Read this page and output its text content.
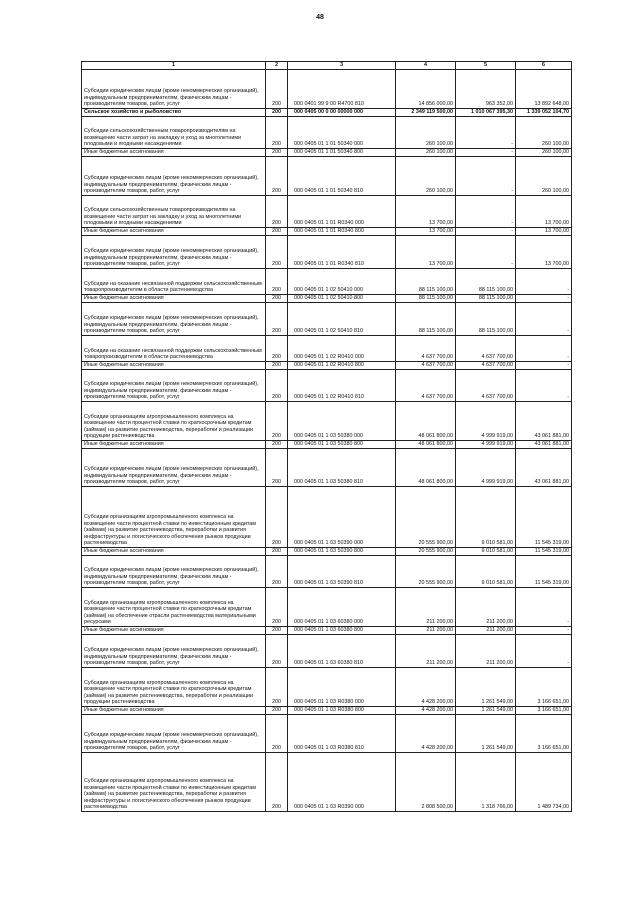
48
1	2	3	4	5	6
Субсидии юридическим лицам (кроме некоммерческих организаций), индивидуальным предпринимателям, физическим лицам - производителям товаров, работ, услуг	200	000 0401 99 9 00 R4700 810	14 856 000,00	963 352,00	13 892 648,00
Сельское хозяйство и рыболовство	200	000 0405 00 0 00 00000 000	2 349 119 500,00	1 010 067 395,30	1 339 052 104,70
Субсидии сельскохозяйственным товаропроизводителям на возмещение части затрат на закладку и уход за многолетними плодовыми и ягодными насаждениями	200	000 0405 01 1 01 50340 000	260 100,00	-	260 100,00
Иные бюджетные ассигнования	200	000 0405 01 1 01 50340 800	260 100,00	-	260 100,00
Субсидии юридическим лицам (кроме некоммерческих организаций), индивидуальным предпринимателям, физическим лицам - производителям товаров, работ, услуг	200	000 0405 01 1 01 50340 810	260 100,00	-	260 100,00
Субсидии сельскохозяйственным товаропроизводителям на возмещение части затрат на закладку и уход за многолетними плодовыми и ягодными насаждениями	200	000 0405 01 1 01 R0340 000	13 700,00	-	13 700,00
Иные бюджетные ассигнования	200	000 0405 01 1 01 R0340 800	13 700,00	-	13 700,00
Субсидии юридическим лицам (кроме некоммерческих организаций), индивидуальным предпринимателям, физическим лицам - производителям товаров, работ, услуг	200	000 0405 01 1 01 R0340 810	13 700,00	-	13 700,00
Субсидии на оказание несвязанной поддержки сельскохозяйственным товаропроизводителям в области растениеводства	200	000 0405 01 1 02 50410 000	88 115 100,00	88 115 100,00	-
Иные бюджетные ассигнования	200	000 0405 01 1 02 50410 800	88 115 100,00	88 115 100,00	-
Субсидии юридическим лицам (кроме некоммерческих организаций), индивидуальным предпринимателям, физическим лицам - производителям товаров, работ, услуг	200	000 0405 01 1 02 50410 810	88 115 100,00	88 115 100,00	-
Субсидии на оказание несвязанной поддержки сельскохозяйственным товаропроизводителям в области растениеводства	200	000 0405 01 1 02 R0410 000	4 637 700,00	4 637 700,00	-
Иные бюджетные ассигнования	200	000 0405 01 1 02 R0410 800	4 637 700,00	4 637 700,00	-
Субсидии юридическим лицам (кроме некоммерческих организаций), индивидуальным предпринимателям, физическим лицам - производителям товаров, работ, услуг	200	000 0405 01 1 02 R0410 810	4 637 700,00	4 637 700,00	-
Субсидии организациям агропромышленного комплекса на возмещение части процентной ставки по краткосрочным кредитам (займам) на развитие растениеводства, переработки и реализации продукции растениеводства	200	000 0405 01 1 03 50380 000	48 061 800,00	4 999 919,00	43 061 881,00
Иные бюджетные ассигнования	200	000 0405 01 1 03 50380 800	48 061 800,00	4 999 919,00	43 061 881,00
Субсидии юридическим лицам (кроме некоммерческих организаций), индивидуальным предпринимателям, физическим лицам - производителям товаров, работ, услуг	200	000 0405 01 1 03 50380 810	48 061 800,00	4 999 919,00	43 061 881,00
Субсидии организациям агропромышленного комплекса на возмещение части процентной ставки по инвестиционным кредитам (займам) на развитие растениеводства, переработки и развития инфраструктуры и логистического обеспечения рынков продукции растениеводства	200	000 0405 01 1 03 50390 000	20 555 900,00	9 010 581,00	11 545 319,00
Иные бюджетные ассигнования	200	000 0405 01 1 03 50390 800	20 555 900,00	9 010 581,00	11 545 319,00
Субсидии юридическим лицам (кроме некоммерческих организаций), индивидуальным предпринимателям, физическим лицам - производителям товаров, работ, услуг	200	000 0405 01 1 03 50390 810	20 555 900,00	9 010 581,00	11 545 319,00
Субсидии организациям агропромышленного комплекса на возмещение части процентной ставки по краткосрочным кредитам (займам) на обеспечение отрасли растениеводства материальными ресурсами	200	000 0405 01 1 03 60380 000	211 200,00	211 200,00	-
Иные бюджетные ассигнования	200	000 0405 01 1 03 60380 800	211 200,00	211 200,00	-
Субсидии юридическим лицам (кроме некоммерческих организаций), индивидуальным предпринимателям, физическим лицам - производителям товаров, работ, услуг	200	000 0405 01 1 03 60380 810	211 200,00	211 200,00	-
Субсидии организациям агропромышленного комплекса на возмещение части процентной ставки по краткосрочным кредитам (займам) на развитие растениеводства, переработки и реализации продукции растениеводства	200	000 0405 01 1 03 R0380 000	4 428 200,00	1 261 549,00	3 166 651,00
Иные бюджетные ассигнования	200	000 0405 01 1 03 R0380 800	4 428 200,00	1 261 549,00	3 166 651,00
Субсидии юридическим лицам (кроме некоммерческих организаций), индивидуальным предпринимателям, физическим лицам - производителям товаров, работ, услуг	200	000 0405 01 1 03 R0380 810	4 428 200,00	1 261 549,00	3 166 651,00
Субсидии организациям агропромышленного комплекса на возмещение части процентной ставки по инвестиционным кредитам (займам) на развитие растениеводства, переработки и развития инфраструктуры и логистического обеспечения рынков продукции растениеводства	200	000 0405 01 1 03 R0390 000	2 808 500,00	1 318 766,00	1 489 734,00
